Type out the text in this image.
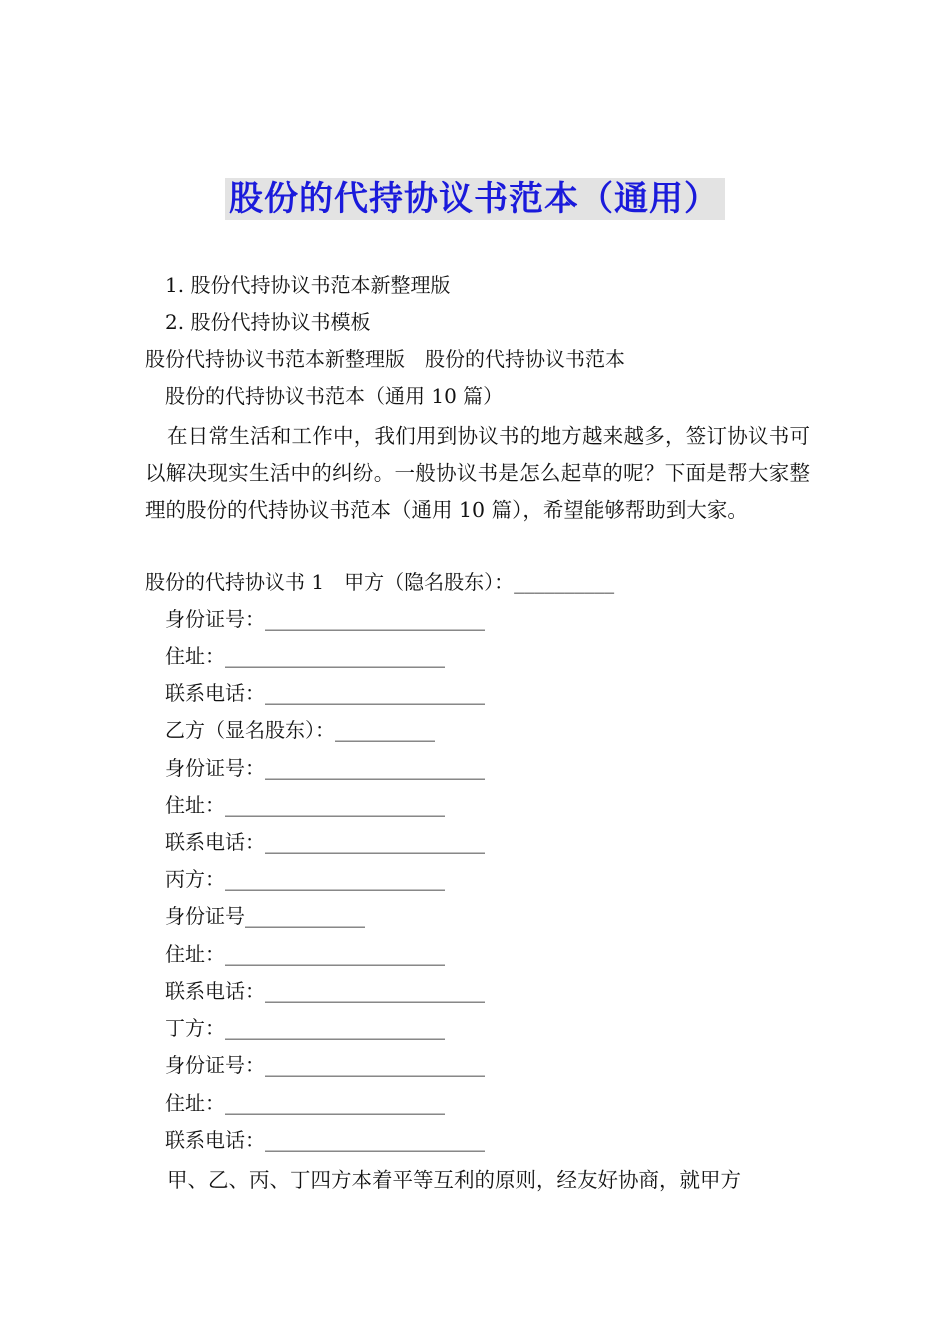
股份的代持协议书范本（通用）
1. 股份代持协议书范本新整理版
2. 股份代持协议书模板
股份代持协议书范本新整理版　股份的代持协议书范本
股份的代持协议书范本（通用 10 篇）
在日常生活和工作中，我们用到协议书的地方越来越多，签订协议书可以解决现实生活中的纠纷。一般协议书是怎么起草的呢？下面是帮大家整理的股份的代持协议书范本（通用 10 篇），希望能够帮助到大家。
股份的代持协议书 1　甲方（隐名股东）：__________
身份证号：______________________
住址：______________________
联系电话：______________________
乙方（显名股东）：__________
身份证号：______________________
住址：______________________
联系电话：______________________
丙方：______________________
身份证号____________
住址：______________________
联系电话：______________________
丁方：______________________
身份证号：______________________
住址：______________________
联系电话：______________________
甲、乙、丙、丁四方本着平等互利的原则，经友好协商，就甲方
